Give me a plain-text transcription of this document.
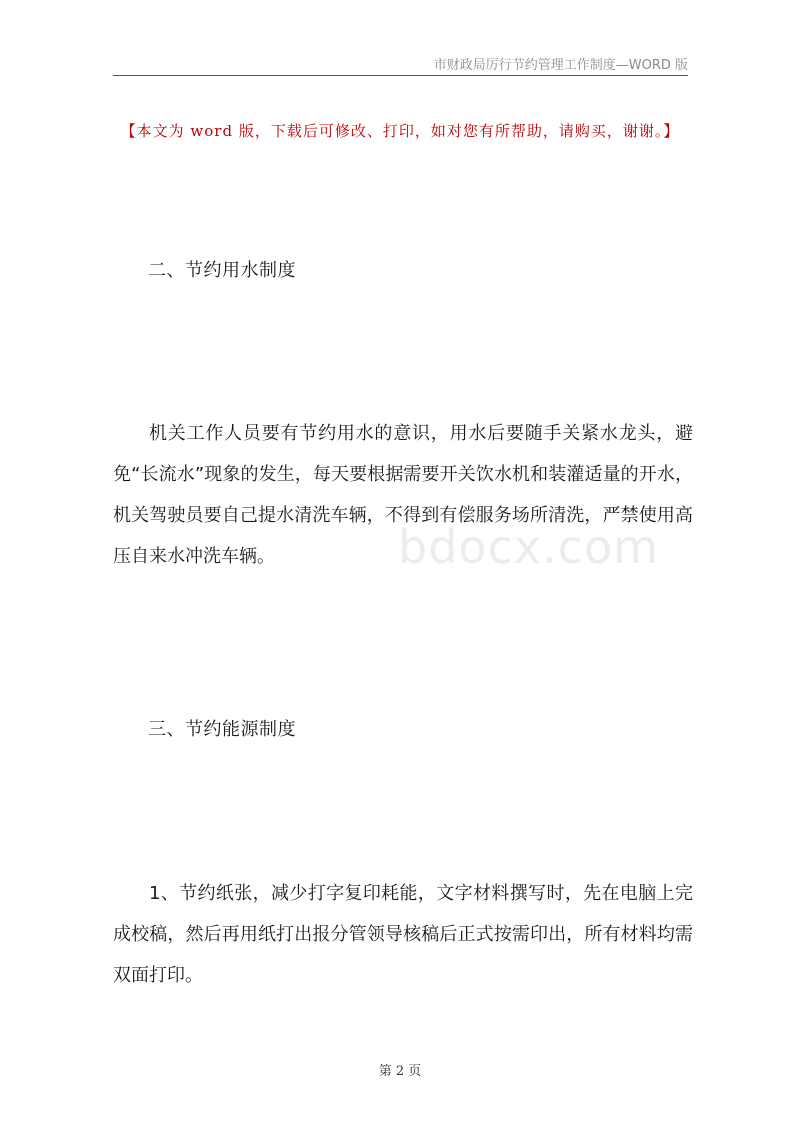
市财政局厉行节约管理工作制度—WORD 版
【本文为 word 版，下载后可修改、打印，如对您有所帮助，请购买，谢谢。】
二、节约用水制度
机关工作人员要有节约用水的意识，用水后要随手关紧水龙头，避免“长流水”现象的发生，每天要根据需要开关饮水机和装灌适量的开水，机关驾驶员要自己提水清洗车辆，不得到有偿服务场所清洗，严禁使用高压自来水冲洗车辆。	bdocx.com
三、节约能源制度
1、节约纸张，减少打字复印耗能，文字材料撰写时，先在电脑上完成校稿，然后再用纸打出报分管领导核稿后正式按需印出，所有材料均需双面打印。
第 2 页
